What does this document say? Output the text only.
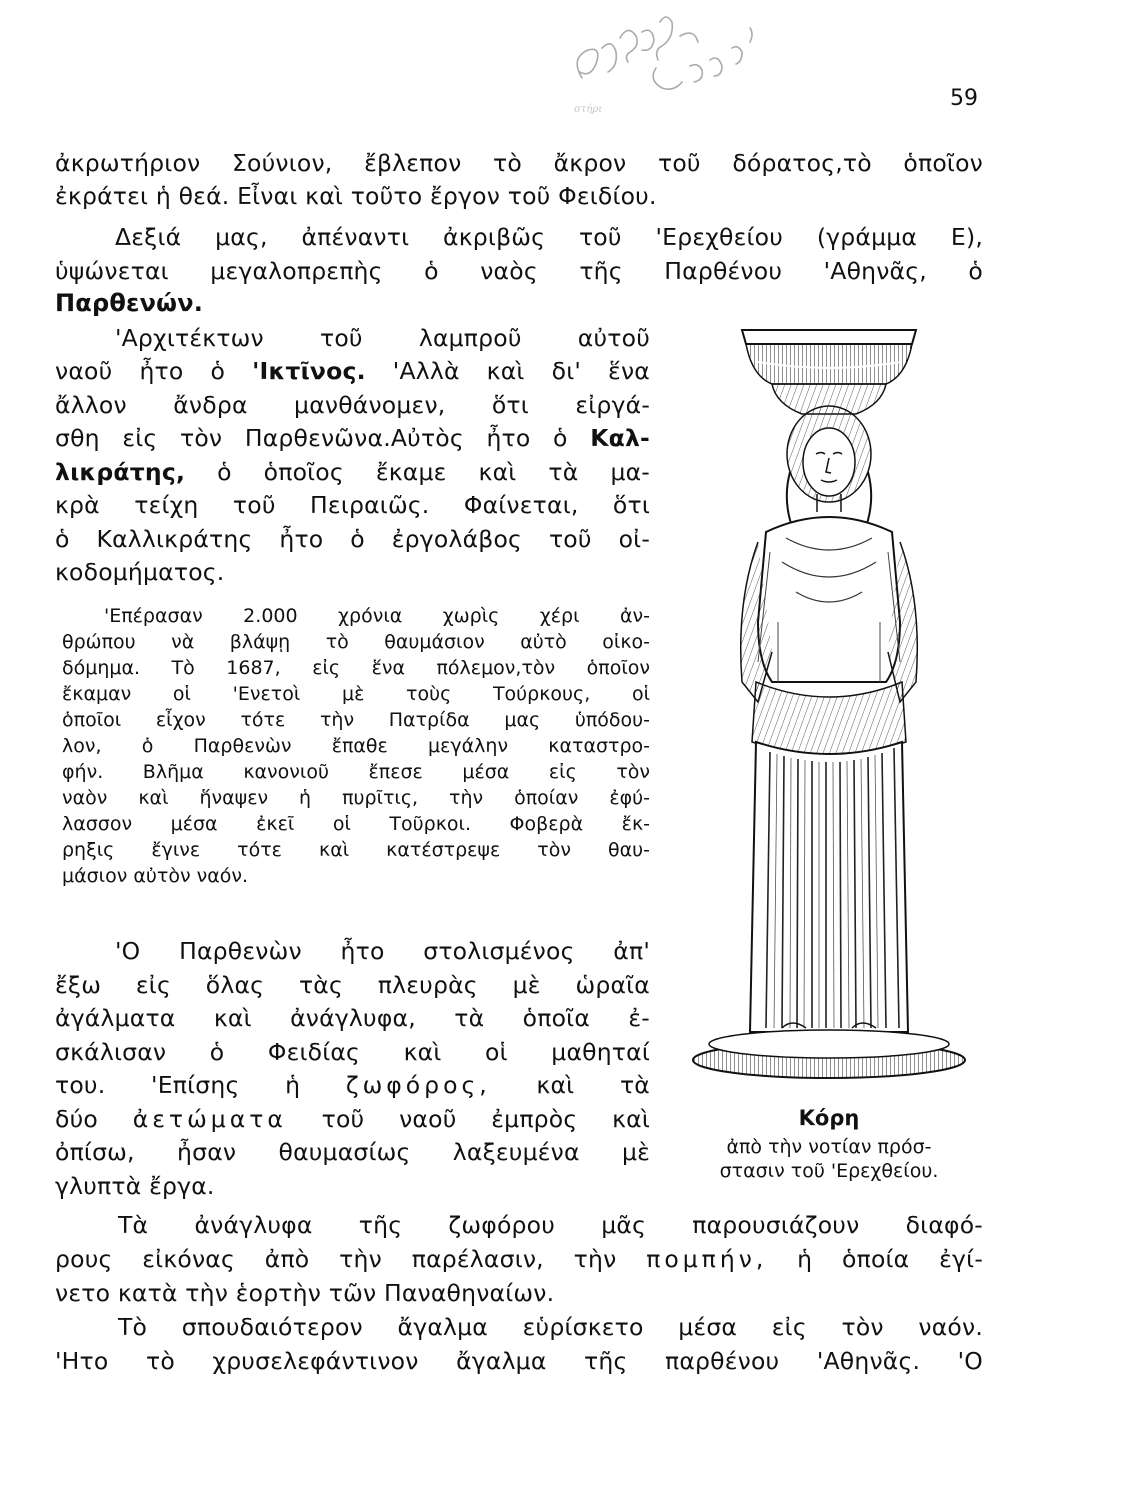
στήρι	59
ἀκρωτήριον Σούνιον, ἔβλεπον τὸ ἄκρον τοῦ δόρατος,τὸ ὁποῖον
ἐκράτει ἡ θεά. Εἶναι καὶ τοῦτο ἔργον τοῦ Φειδίου.
Δεξιά μας, ἀπέναντι ἀκριβῶς τοῦ 'Ερεχθείου (γράμμα Ε),
ὑψώνεται μεγαλοπρεπὴς ὁ ναὸς τῆς Παρθένου 'Αθηνᾶς, ὁ
Παρθενών.
'Αρχιτέκτων τοῦ λαμπροῦ αὐτοῦ
ναοῦ ἦτο ὁ 'Ικτῖνος. 'Αλλὰ καὶ δι' ἕνα
ἄλλον ἄνδρα μανθάνομεν, ὅτι εἰργά-
σθη εἰς τὸν Παρθενῶνα.Αὐτὸς ἦτο ὁ Καλ-
λικράτης, ὁ ὁποῖος ἔκαμε καὶ τὰ μα-
κρὰ τείχη τοῦ Πειραιῶς. Φαίνεται, ὅτι
ὁ Καλλικράτης ἦτο ὁ ἐργολάβος τοῦ οἰ-
κοδομήματος.
'Επέρασαν 2.000 χρόνια χωρὶς χέρι ἀν-
θρώπου νὰ βλάψῃ τὸ θαυμάσιον αὐτὸ οἰκο-
δόμημα. Τὸ 1687, εἰς ἕνα πόλεμον,τὸν ὁποῖον
ἔκαμαν οἱ 'Ενετοὶ μὲ τοὺς Τούρκους, οἱ
ὁποῖοι εἶχον τότε τὴν Πατρίδα μας ὑπόδου-
λον, ὁ Παρθενὼν ἔπαθε μεγάλην καταστρο-
φήν. Βλῆμα κανονιοῦ ἔπεσε μέσα εἰς τὸν
ναὸν καὶ ἥναψεν ἡ πυρῖτις, τὴν ὁποίαν ἐφύ-
λασσον μέσα ἐκεῖ οἱ Τοῦρκοι. Φοβερὰ ἔκ-
ρηξις ἔγινε τότε καὶ κατέστρεψε τὸν θαυ-
μάσιον αὐτὸν ναόν.
'Ο Παρθενὼν ἦτο στολισμένος ἀπ'
ἔξω εἰς ὅλας τὰς πλευρὰς μὲ ὡραῖα
ἀγάλματα καὶ ἀνάγλυφα, τὰ ὁποῖα ἐ-
σκάλισαν ὁ Φειδίας καὶ οἱ μαθηταί
του. 'Επίσης ἡ ζωφόρος, καὶ τὰ
δύο ἀετώματα τοῦ ναοῦ ἐμπρὸς καὶ
ὀπίσω, ἦσαν θαυμασίως λαξευμένα μὲ
γλυπτὰ ἔργα.
Τὰ ἀνάγλυφα τῆς ζωφόρου μᾶς παρουσιάζουν διαφό-
ρους εἰκόνας ἀπὸ τὴν παρέλασιν, τὴν πομπήν, ἡ ὁποία ἐγί-
νετο κατὰ τὴν ἑορτὴν τῶν Παναθηναίων.
Τὸ σπουδαιότερον ἄγαλμα εὑρίσκετο μέσα εἰς τὸν ναόν.
'Ητο τὸ χρυσελεφάντινον ἄγαλμα τῆς παρθένου 'Αθηνᾶς. 'Ο
Κόρη
ἀπὸ τὴν νοτίαν πρόσ-
στασιν τοῦ 'Ερεχθείου.
